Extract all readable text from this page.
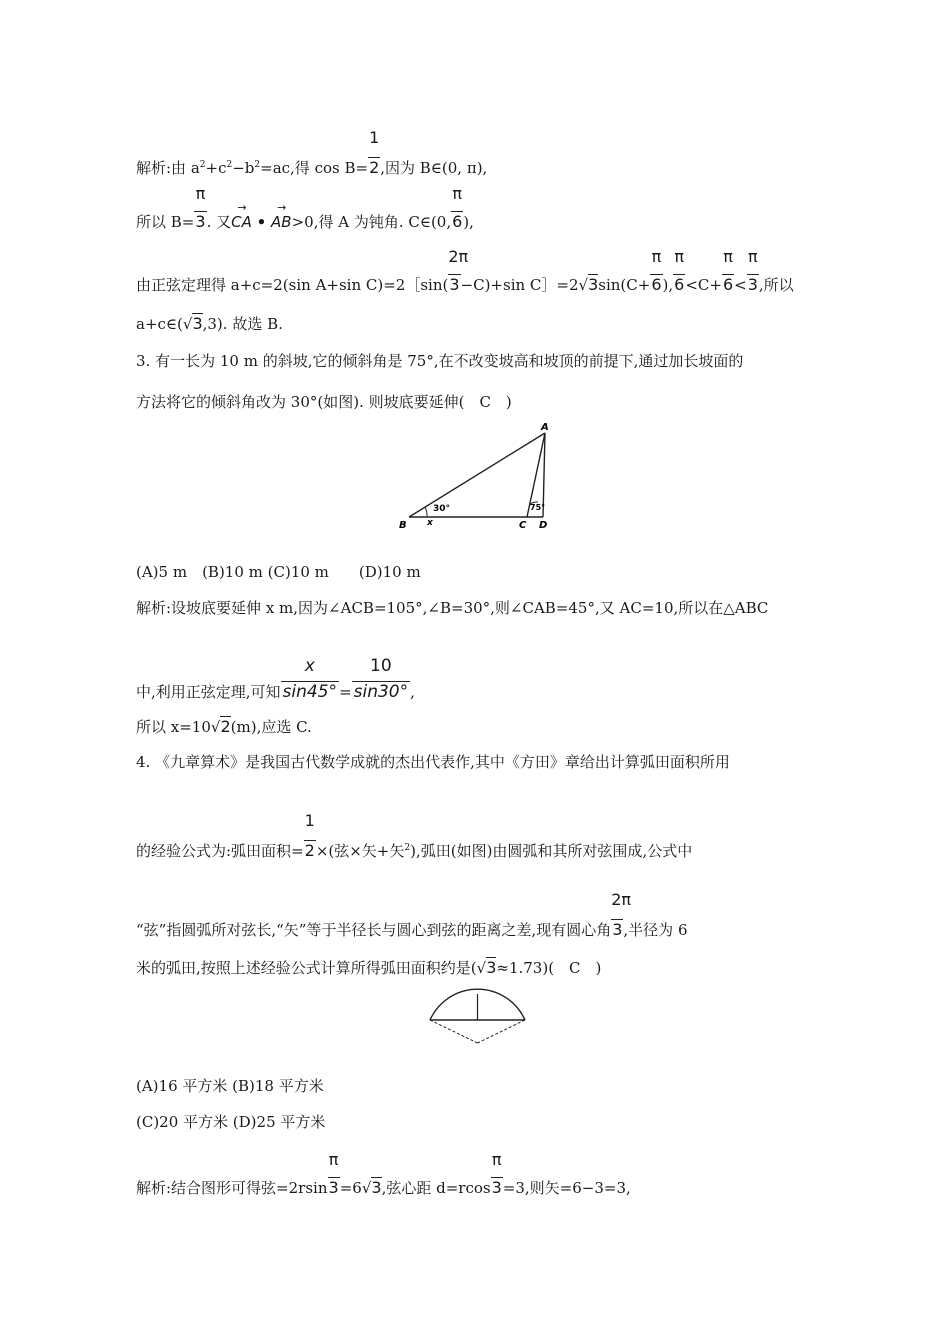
解析:由 $a^2+c^2-b^2=ac$,得 $\cos B= \frac{1}{2}$,因为 B∈(0, π),
所以 $B= \frac{\pi}{3}$. 又
→
CA •
→
AB>0,得 A 为钝角. C∈(0, $\frac{\pi}{6}$),
由正弦定理得 a+c=2(sin A+sin C)=2［sin( $\frac{2\pi}{3}-C)+\sin$ C］=2√3sin(C+ $\frac{\pi}{6}$), $\frac{\pi}{6}<C+ \frac{\pi}{6}< \frac{\pi}{3}$,所以
a+c∈(√3,3). 故选 B.
3. 有一长为 10 m 的斜坡,它的倾斜角是 75°,在不改变坡高和坡顶的前提下,通过加长坡面的
方法将它的倾斜角改为 30°(如图). 则坡底要延伸(　C　)
A
B	C D
x
30°	75°
(A)5 m　(B)10 m (C)10 m　　(D)10 m
解析:设坡底要延伸 x m,因为∠ACB=105°,∠B=30°,则∠CAB=45°,又 AC=10,所以在△ABC
中,利用正弦定理,可知 $\frac{x}{\sin 45^\circ}= \frac{10}{\sin 30^\circ}$,
所以 x=10√2(m),应选 C.
4. 《九章算术》是我国古代数学成就的杰出代表作,其中《方田》章给出计算弧田面积所用
的经验公式为:弧田面积= $\frac{1}{2}\times$(弦×矢+矢$^2$),弧田(如图)由圆弧和其所对弦围成,公式中
“弦”指圆弧所对弦长,“矢”等于半径长与圆心到弦的距离之差,现有圆心角 $\frac{2\pi}{3}$,半径为 6
米的弧田,按照上述经验公式计算所得弧田面积约是(√3≈1.73)(　C　)
(A)16 平方米 (B)18 平方米
(C)20 平方米 (D)25 平方米
解析:结合图形可得弦$=2rsin \frac{\pi}{3}=6√3$,弦心距 $d=rcos \frac{\pi}{3}=3$,则矢=6−3=3,
